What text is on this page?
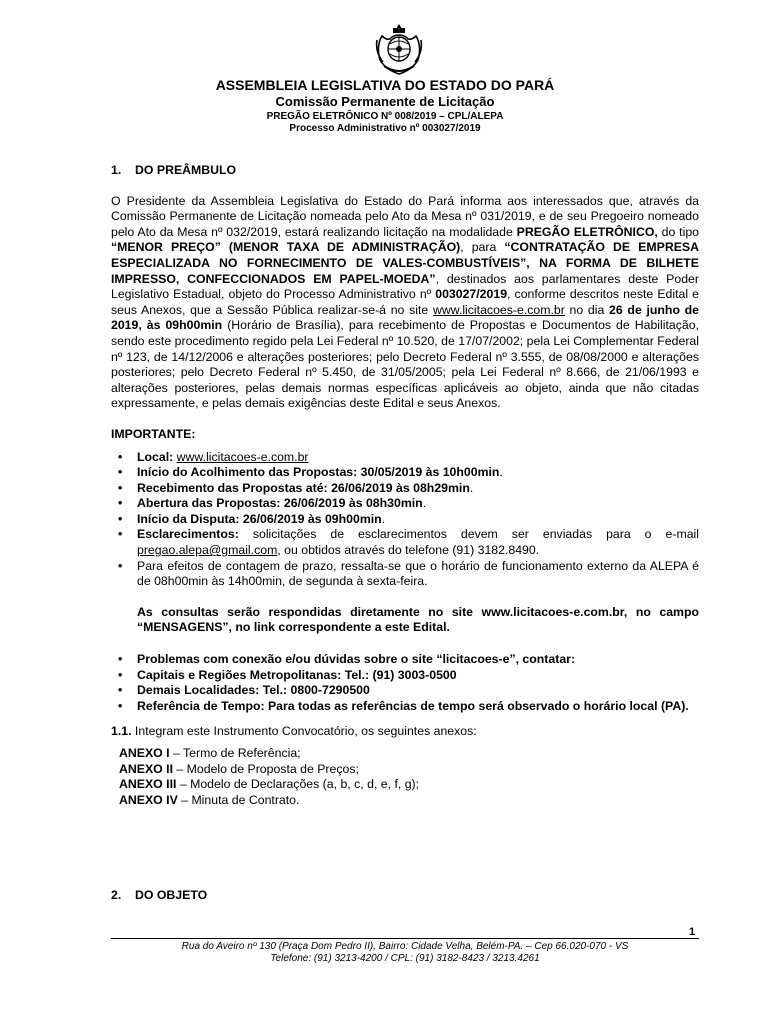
ASSEMBLEIA LEGISLATIVA DO ESTADO DO PARÁ
Comissão Permanente de Licitação
PREGÃO ELETRÔNICO Nº 008/2019 – CPL/ALEPA
Processo Administrativo nº 003027/2019

1. DO PREÂMBULO

O Presidente da Assembleia Legislativa do Estado do Pará informa aos interessados que, através da Comissão Permanente de Licitação nomeada pelo Ato da Mesa nº 031/2019, e de seu Pregoeiro nomeado pelo Ato da Mesa nº 032/2019, estará realizando licitação na modalidade PREGÃO ELETRÔNICO, do tipo “MENOR PREÇO” (MENOR TAXA DE ADMINISTRAÇÃO), para “CONTRATAÇÃO DE EMPRESA ESPECIALIZADA NO FORNECIMENTO DE VALES-COMBUSTÍVEIS”, NA FORMA DE BILHETE IMPRESSO, CONFECCIONADOS EM PAPEL-MOEDA”, destinados aos parlamentares deste Poder Legislativo Estadual, objeto do Processo Administrativo nº 003027/2019, conforme descritos neste Edital e seus Anexos, que a Sessão Pública realizar-se-á no site www.licitacoes-e.com.br no dia 26 de junho de 2019, às 09h00min (Horário de Brasília), para recebimento de Propostas e Documentos de Habilitação, sendo este procedimento regido pela Lei Federal nº 10.520, de 17/07/2002; pela Lei Complementar Federal nº 123, de 14/12/2006 e alterações posteriores; pelo Decreto Federal nº 3.555, de 08/08/2000 e alterações posteriores; pelo Decreto Federal nº 5.450, de 31/05/2005; pela Lei Federal nº 8.666, de 21/06/1993 e alterações posteriores, pelas demais normas específicas aplicáveis ao objeto, ainda que não citadas expressamente, e pelas demais exigências deste Edital e seus Anexos.

IMPORTANTE:

• Local: www.licitacoes-e.com.br
• Início do Acolhimento das Propostas: 30/05/2019 às 10h00min.
• Recebimento das Propostas até: 26/06/2019 às 08h29min.
• Abertura das Propostas: 26/06/2019 às 08h30min.
• Início da Disputa: 26/06/2019 às 09h00min.
• Esclarecimentos: solicitações de esclarecimentos devem ser enviadas para o e-mail pregao.alepa@gmail.com, ou obtidos através do telefone (91) 3182.8490.
• Para efeitos de contagem de prazo, ressalta-se que o horário de funcionamento externo da ALEPA é de 08h00min às 14h00min, de segunda à sexta-feira.

As consultas serão respondidas diretamente no site www.licitacoes-e.com.br, no campo “MENSAGENS”, no link correspondente a este Edital.

• Problemas com conexão e/ou dúvidas sobre o site “licitacoes-e”, contatar:
• Capitais e Regiões Metropolitanas: Tel.: (91) 3003-0500
• Demais Localidades: Tel.: 0800-7290500
• Referência de Tempo: Para todas as referências de tempo será observado o horário local (PA).

1.1. Integram este Instrumento Convocatório, os seguintes anexos:

ANEXO I – Termo de Referência;
ANEXO II – Modelo de Proposta de Preços;
ANEXO III – Modelo de Declarações (a, b, c, d, e, f, g);
ANEXO IV – Minuta de Contrato.
2. DO OBJETO
1
Rua do Aveiro nº 130 (Praça Dom Pedro II), Bairro: Cidade Velha, Belém-PA. – Cep 66.020-070 - VS
Telefone: (91) 3213-4200 / CPL: (91) 3182-8423 / 3213.4261
